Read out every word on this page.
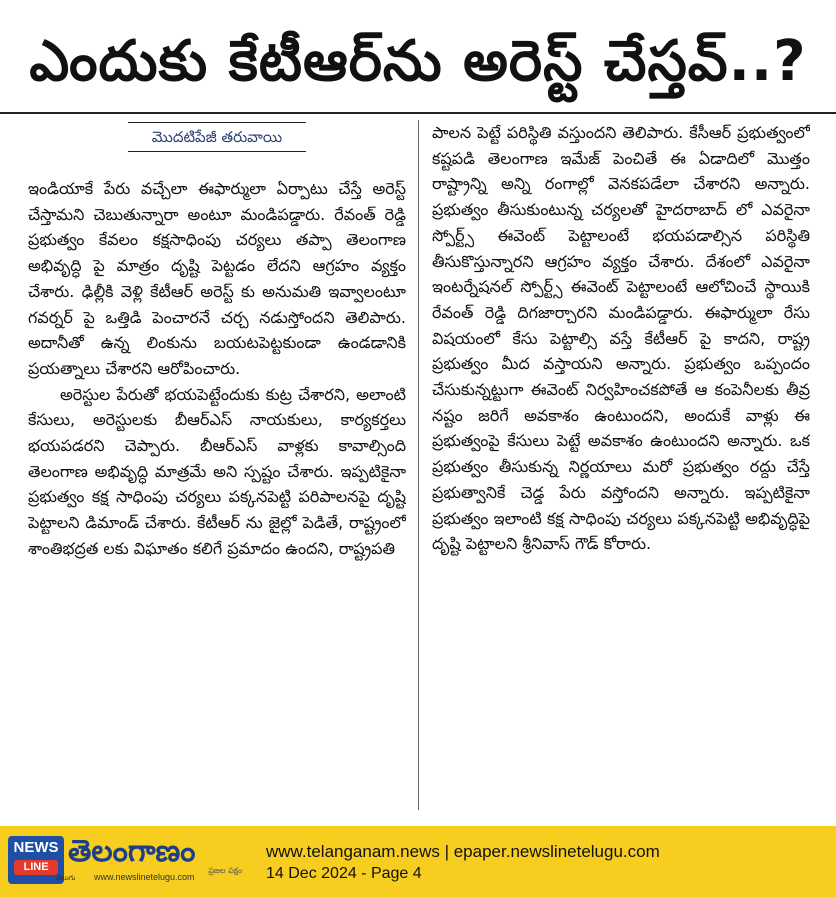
ఎందుకు కేటీఆర్‌ను అరెస్ట్ చేస్తవ్..?
మొదటిపేజీ తరువాయి

ఇండియాకే పేరు వచ్చేలా ఈఫార్ములా ఏర్పాటు చేస్తే అరెస్ట్ చేస్తామని చెబుతున్నారా అంటూ మండిపడ్డారు. రేవంత్ రెడ్డి ప్రభుత్వం కేవలం కక్షసాధింపు చర్యలు తప్పా తెలంగాణ అభివృద్ధి పై మాత్రం దృష్టి పెట్టడం లేదని ఆగ్రహం వ్యక్తం చేశారు. ఢిల్లీకి వెళ్లి కేటీఆర్ అరెస్ట్ కు అనుమతి ఇవ్వాలంటూ గవర్నర్ పై ఒత్తిడి పెంచారనే చర్చ నడుస్తోందని తెలిపారు. అదానీతో ఉన్న లింకును బయటపెట్టకుండా ఉండడానికి ప్రయత్నాలు చేశారని ఆరోపించారు.

అరెస్టుల పేరుతో భయపెట్టేందుకు కుట్ర చేశారని, అలాంటి కేసులు, అరెస్టులకు బీఆర్ఎస్ నాయకులు, కార్యకర్తలు భయపడరని చెప్పారు. బీఆర్ఎస్ వాళ్లకు కావాల్సింది తెలంగాణ అభివృద్ధి మాత్రమే అని స్పష్టం చేశారు. ఇప్పటికైనా ప్రభుత్వం కక్ష సాధింపు చర్యలు పక్కనపెట్టి పరిపాలనపై దృష్టి పెట్టాలని డిమాండ్ చేశారు. కేటీఆర్ ను జైల్లో పెడితే, రాష్ట్రంలో శాంతిభద్రత లకు విఘాతం కలిగే ప్రమాదం ఉందని, రాష్ట్రపతి

పాలన పెట్టే పరిస్థితి వస్తుందని తెలిపారు. కేసీఆర్ ప్రభుత్వంలో కష్టపడి తెలంగాణ ఇమేజ్ పెంచితే ఈ ఏడాదిలో మొత్తం రాష్ట్రాన్ని అన్ని రంగాల్లో వెనకపడేలా చేశారని అన్నారు. ప్రభుత్వం తీసుకుంటున్న చర్యలతో హైదరాబాద్ లో ఎవరైనా స్పోర్ట్స్ ఈవెంట్ పెట్టాలంటే భయపడాల్సిన పరిస్థితి తీసుకొస్తున్నారని ఆగ్రహం వ్యక్తం చేశారు. దేశంలో ఎవరైనా ఇంటర్నేషనల్ స్పోర్ట్స్ ఈవెంట్ పెట్టాలంటే ఆలోచించే స్థాయికి రేవంత్ రెడ్డి దిగజార్చారని మండిపడ్డారు. ఈఫార్ములా రేసు విషయంలో కేసు పెట్టాల్సి వస్తే కేటీఆర్ పై కాదని, రాష్ట్ర ప్రభుత్వం మీద వస్తాయని అన్నారు. ప్రభుత్వం ఒప్పందం చేసుకున్నట్టుగా ఈవెంట్ నిర్వహించకపోతే ఆ కంపెనీలకు తీవ్ర నష్టం జరిగే అవకాశం ఉంటుందని, అందుకే వాళ్లు ఈ ప్రభుత్వంపై కేసులు పెట్టే అవకాశం ఉంటుందని అన్నారు. ఒక ప్రభుత్వం తీసుకున్న నిర్ణయాలు మరో ప్రభుత్వం రద్దు చేస్తే ప్రభుత్వానికే చెడ్డ పేరు వస్తోందని అన్నారు. ఇప్పటికైనా ప్రభుత్వం ఇలాంటి కక్ష సాధింపు చర్యలు పక్కనపెట్టి అభివృద్ధిపై దృష్టి పెట్టాలని శ్రీనివాస్ గౌడ్ కోరారు.

NEWS
LINE తెలంగాణం
www.newslinetelugu.com
ప్రజల పక్షం
తెలుగు
www.telanganam.news | epaper.newslinetelugu.com
14 Dec 2024 - Page 4
